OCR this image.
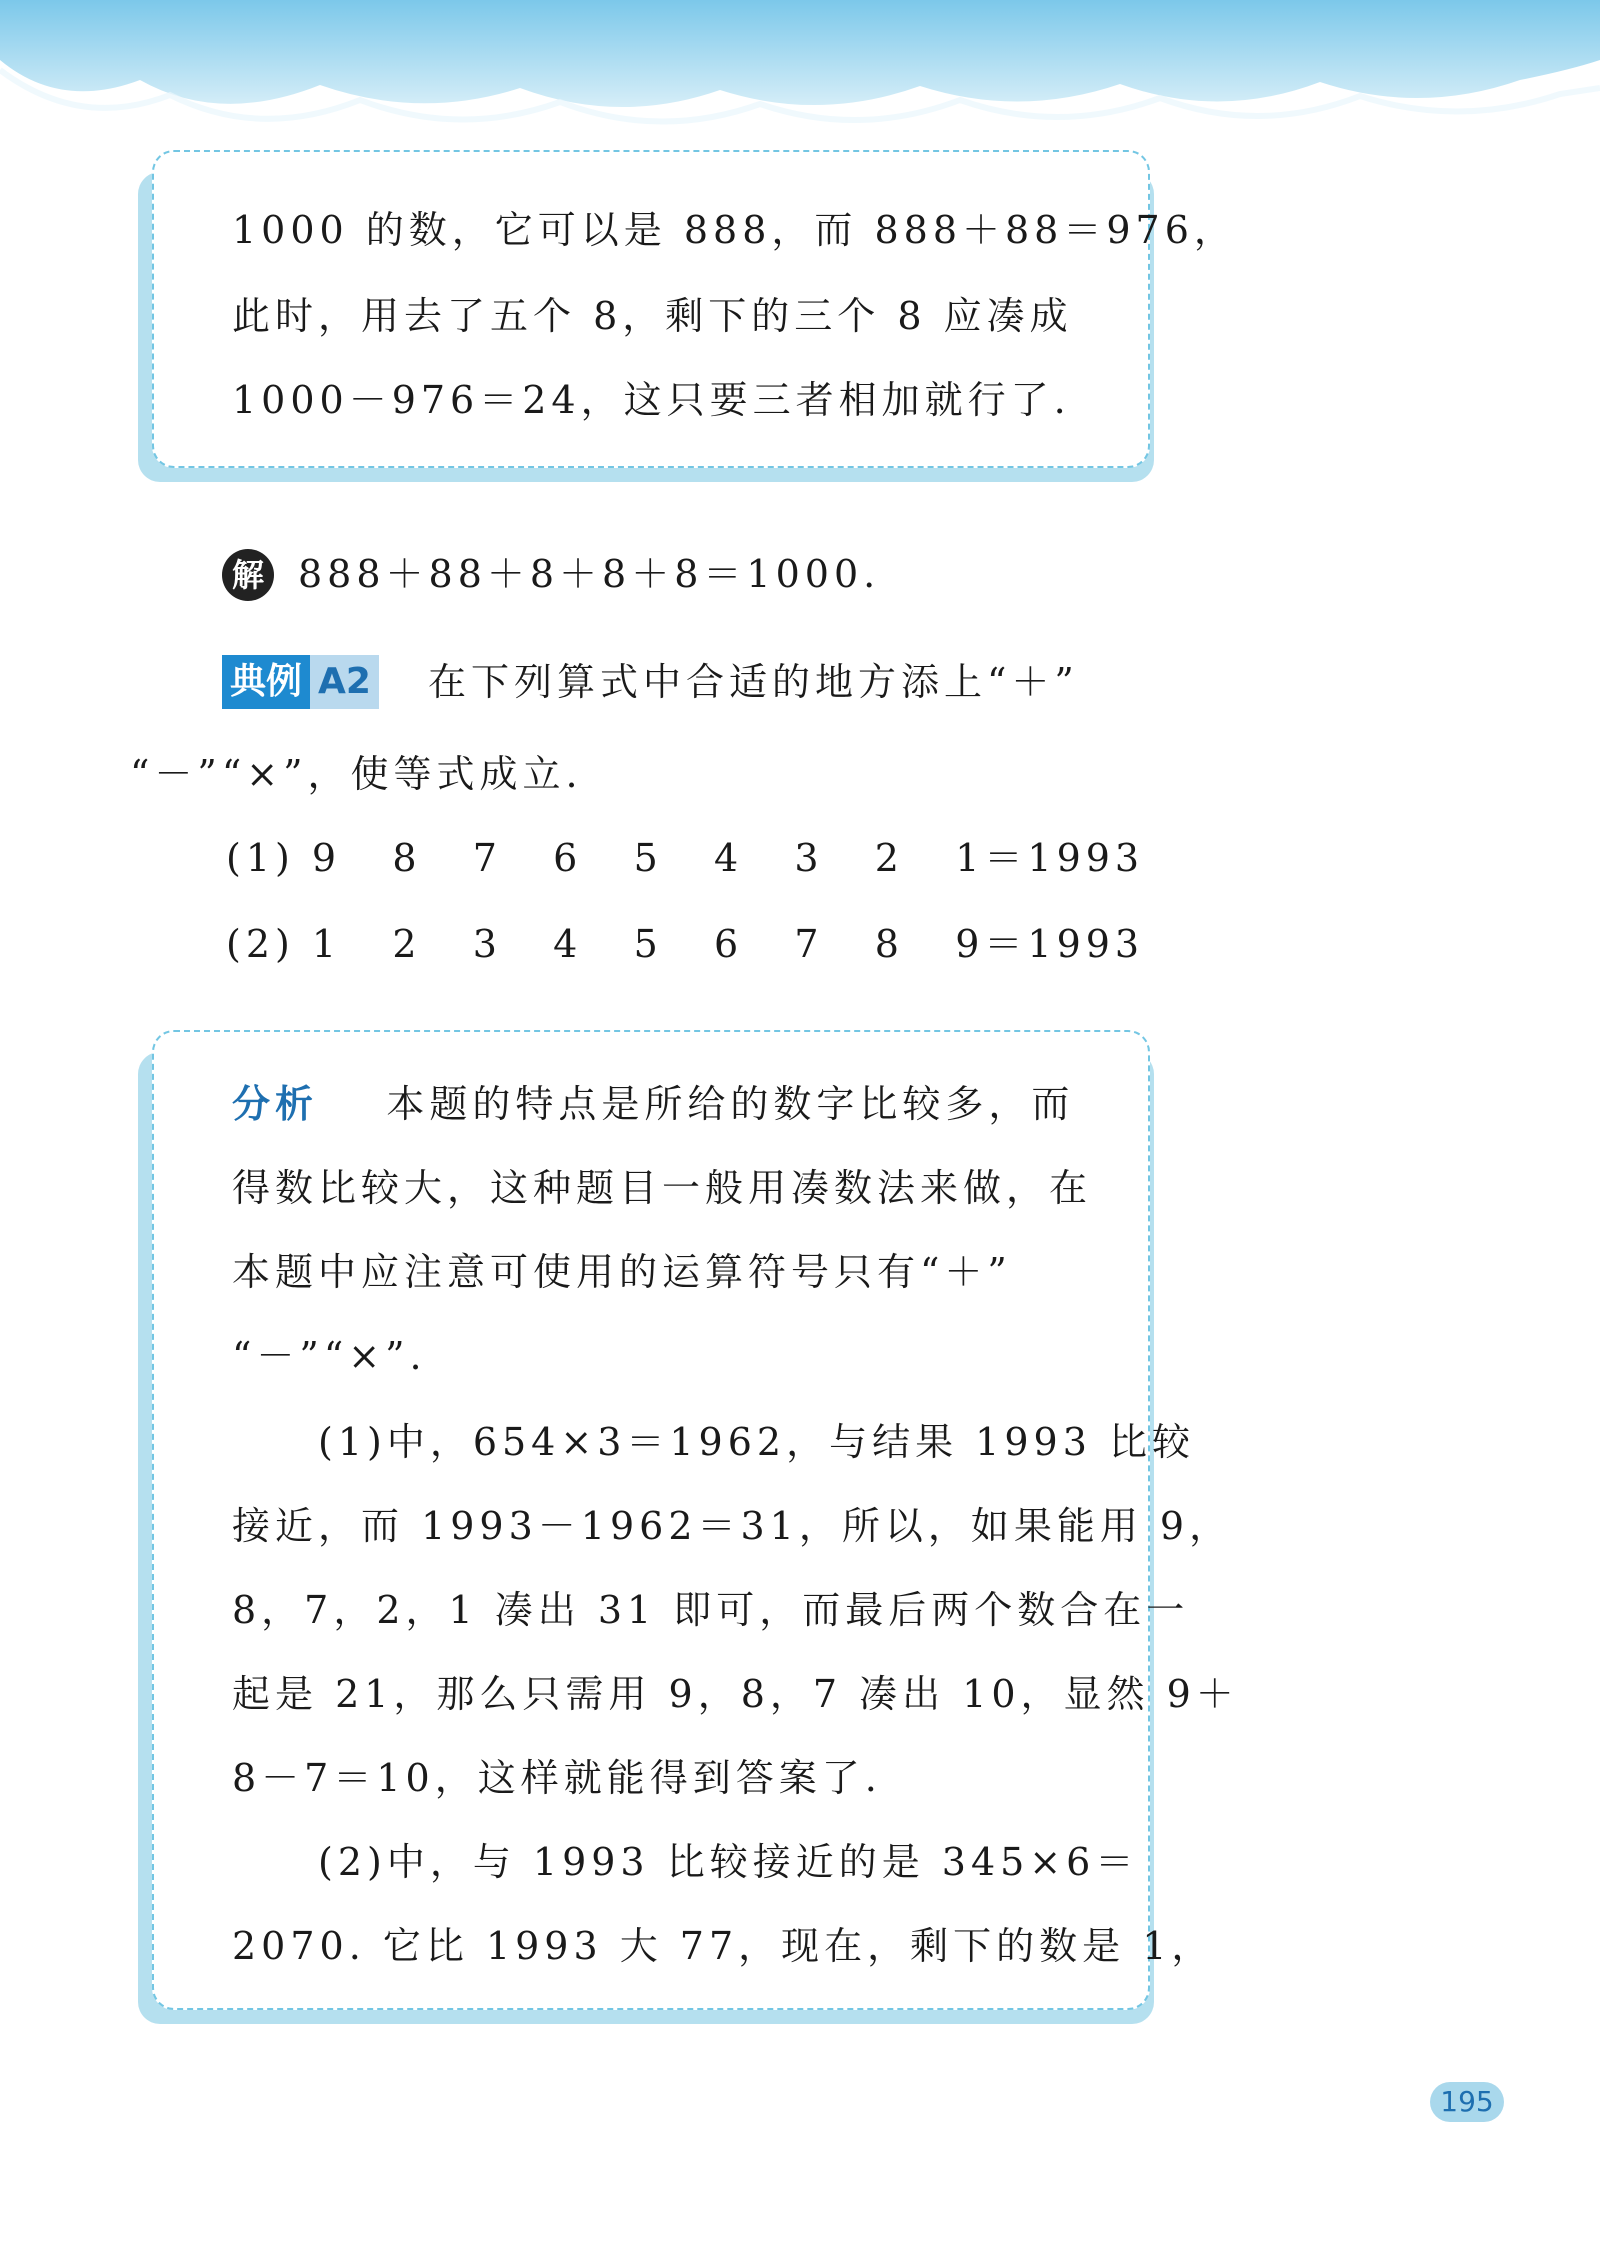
1000 的数，它可以是 888，而 888＋88＝976，
此时，用去了五个 8，剩下的三个 8 应凑成
1000－976＝24，这只要三者相加就行了.
解 888＋88＋8＋8＋8＝1000.
典例 A2 在下列算式中合适的地方添上“＋”
“－”“×”，使等式成立.
(1) 9   8   7   6   5   4   3   2   1＝1993
(2) 1   2   3   4   5   6   7   8   9＝1993
分析 本题的特点是所给的数字比较多，而
得数比较大，这种题目一般用凑数法来做，在
本题中应注意可使用的运算符号只有“＋”
“－”“×”.
　　(1)中，654×3＝1962，与结果 1993 比较
接近，而 1993－1962＝31，所以，如果能用 9，
8，7，2，1 凑出 31 即可，而最后两个数合在一
起是 21，那么只需用 9，8，7 凑出 10，显然 9＋
8－7＝10，这样就能得到答案了.
　　(2)中，与 1993 比较接近的是 345×6＝
2070. 它比 1993 大 77，现在，剩下的数是 1，
195
